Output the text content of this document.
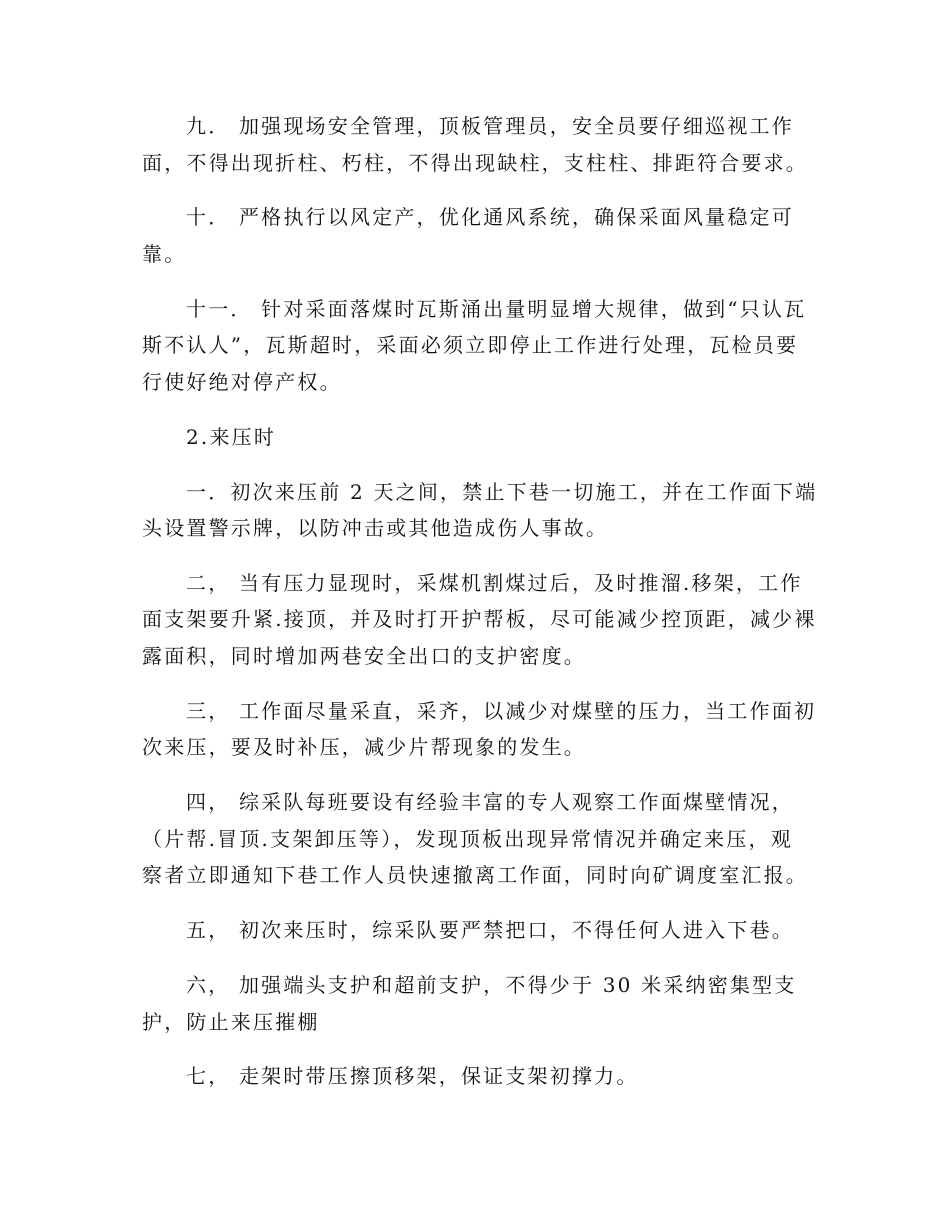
九． 加强现场安全管理，顶板管理员，安全员要仔细巡视工作
面，不得出现折柱、朽柱，不得出现缺柱，支柱柱、排距符合要求。

十． 严格执行以风定产，优化通风系统，确保采面风量稳定可
靠。

十一． 针对采面落煤时瓦斯涌出量明显增大规律，做到“只认瓦
斯不认人”，瓦斯超时，采面必须立即停止工作进行处理，瓦检员要
行使好绝对停产权。

2.来压时

一．初次来压前 2 天之间，禁止下巷一切施工，并在工作面下端
头设置警示牌，以防冲击或其他造成伤人事故。

二， 当有压力显现时，采煤机割煤过后，及时推溜.移架，工作
面支架要升紧.接顶，并及时打开护帮板，尽可能减少控顶距，减少裸
露面积，同时增加两巷安全出口的支护密度。

三， 工作面尽量采直，采齐，以减少对煤壁的压力，当工作面初
次来压，要及时补压，减少片帮现象的发生。

四， 综采队每班要设有经验丰富的专人观察工作面煤壁情况，
（片帮.冒顶.支架卸压等），发现顶板出现异常情况并确定来压，观
察者立即通知下巷工作人员快速撤离工作面，同时向矿调度室汇报。

五， 初次来压时，综采队要严禁把口，不得任何人进入下巷。

六， 加强端头支护和超前支护，不得少于 30 米采纳密集型支
护，防止来压摧棚

七， 走架时带压擦顶移架，保证支架初撑力。
